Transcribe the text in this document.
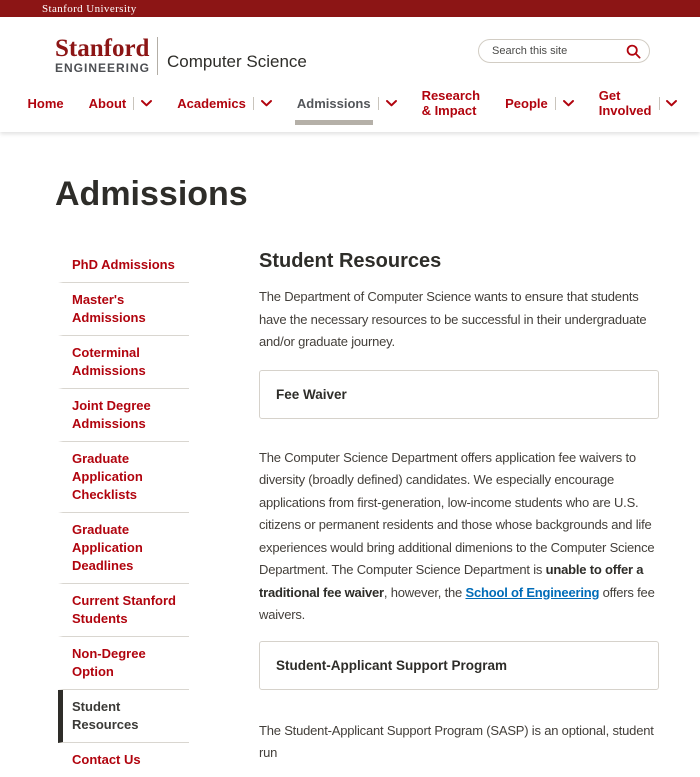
Stanford University
Stanford
ENGINEERING Computer Science
Search this site
Home About	Academics	Admissions	Research & Impact People	Get Involved
Admissions
PhD Admissions
Master's Admissions
Coterminal Admissions
Joint Degree Admissions
Graduate Application Checklists
Graduate Application Deadlines
Current Stanford Students
Non-Degree Option
Student Resources
Contact Us
Student Resources

The Department of Computer Science wants to ensure that students have the necessary resources to be successful in their undergraduate and/or graduate journey.

Fee Waiver

The Computer Science Department offers application fee waivers to diversity (broadly defined) candidates. We especially encourage applications from first-generation, low-income students who are U.S. citizens or permanent residents and those whose backgrounds and life experiences would bring additional dimenions to the Computer Science Department. The Computer Science Department is unable to offer a traditional fee waiver, however, the School of Engineering offers fee waivers.

Student-Applicant Support Program

The Student-Applicant Support Program (SASP) is an optional, student run
